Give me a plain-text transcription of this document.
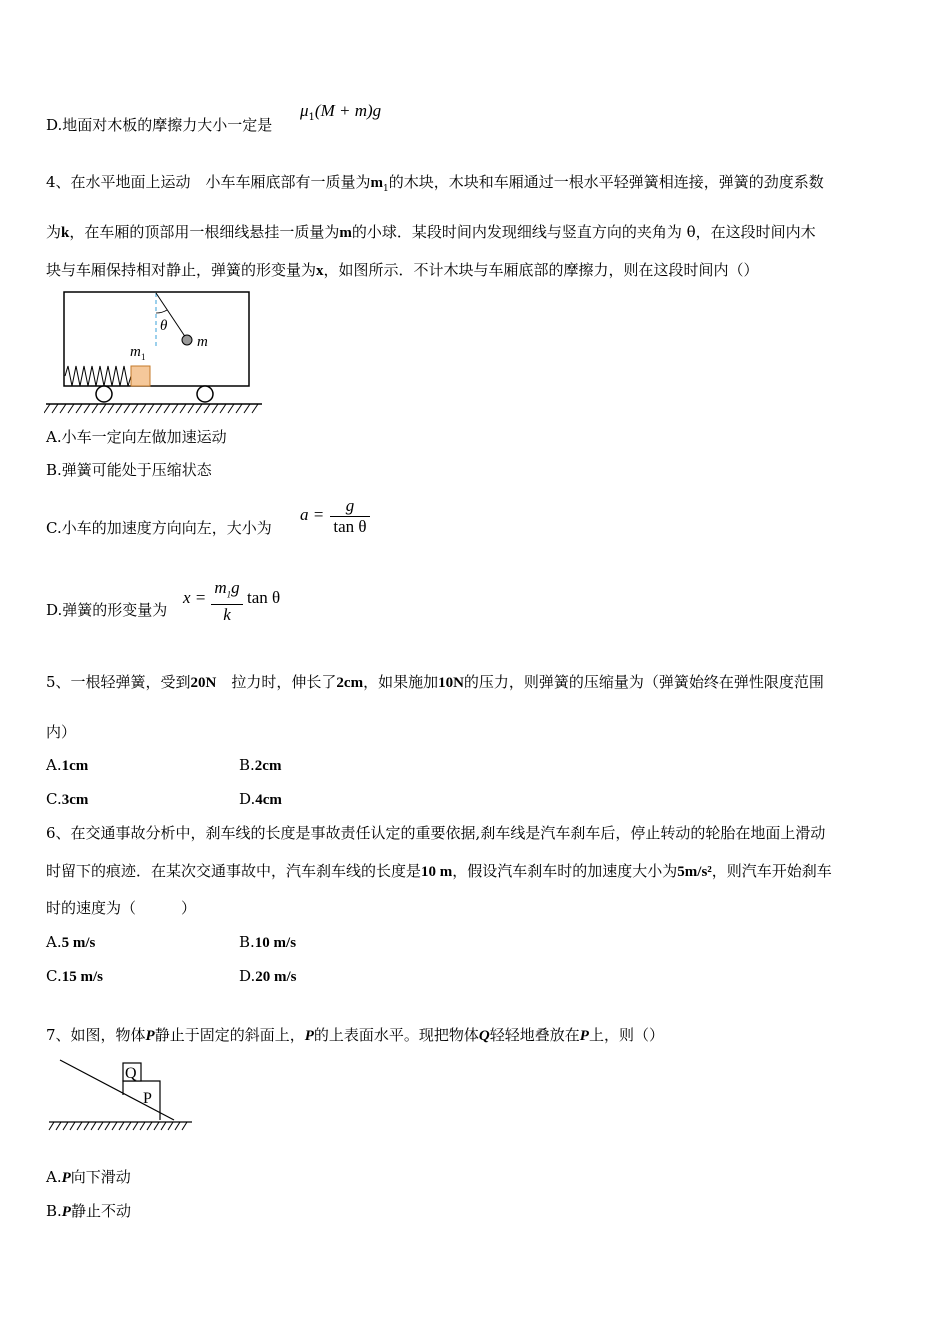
D.地面对木板的摩擦力大小一定是
$\mu_1(M + m)g$
4、在水平地面上运动　小车车厢底部有一质量为$m_1$的木块，木块和车厢通过一根水平轻弹簧相连接，弹簧的劲度系数
为k，在车厢的顶部用一根细线悬挂一质量为m的小球．某段时间内发现细线与竖直方向的夹角为 θ，在这段时间内木
块与车厢保持相对静止，弹簧的形变量为x，如图所示．不计木块与车厢底部的摩擦力，则在这段时间内（）
θ
m
m 1
A.小车一定向左做加速运动
B.弹簧可能处于压缩状态
C.小车的加速度方向向左，大小为
a =	g
tan θ
D.弹簧的形变量为
x =
$m_1g$
k
tan θ
5、一根轻弹簧，受到20N　拉力时，伸长了2cm，如果施加10N的压力，则弹簧的压缩量为（弹簧始终在弹性限度范围
内）
A.1cm	B.2cm
C.3cm	D.4cm
6、在交通事故分析中，刹车线的长度是事故责任认定的重要依据,刹车线是汽车刹车后，停止转动的轮胎在地面上滑动
时留下的痕迹．在某次交通事故中，汽车刹车线的长度是10 m，假设汽车刹车时的加速度大小为5m/s²，则汽车开始刹车
时的速度为（　　　）
A.5 m/s	B.10 m/s
C.15 m/s	D.20 m/s
7、如图，物体P静止于固定的斜面上，P的上表面水平。现把物体Q轻轻地叠放在P上，则（）
Q
P
A.P向下滑动
B.P静止不动
